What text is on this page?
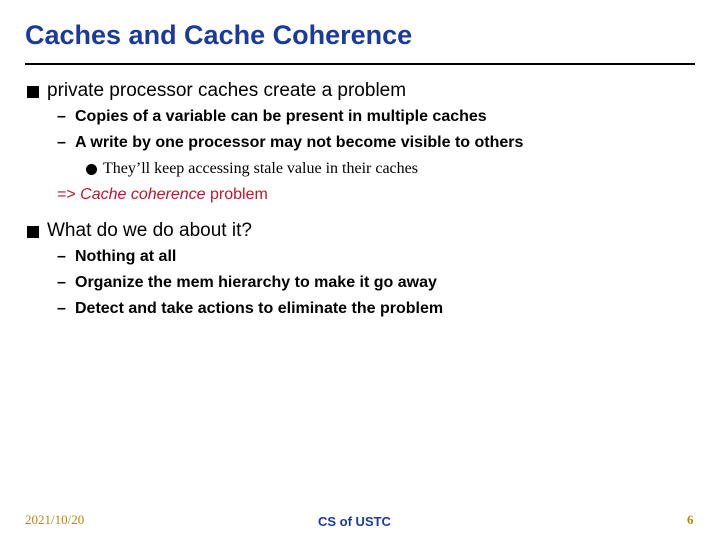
Caches and Cache Coherence
private processor caches create a problem
– Copies of a variable can be present in multiple caches
– A write by one processor may not become visible to others
They’ll keep accessing stale value in their caches
=> Cache coherence problem
What do we do about it?
– Nothing at all
– Organize the mem hierarchy to make it go away
– Detect and take actions to eliminate the problem
2021/10/20	CS of USTC	6
